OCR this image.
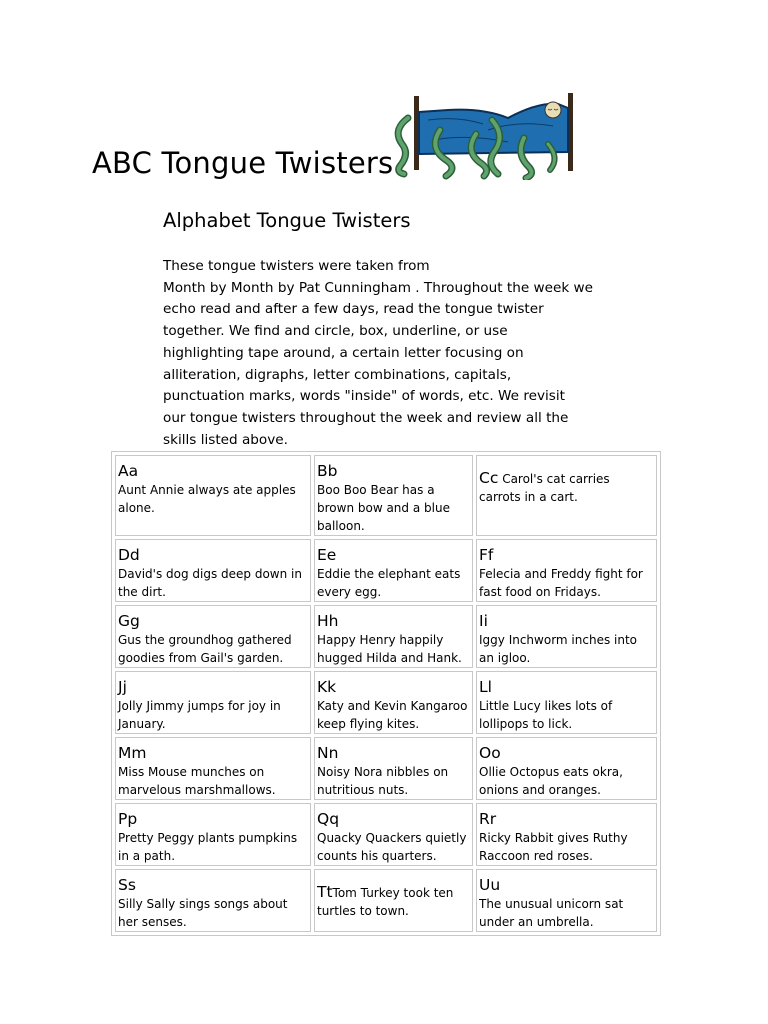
ABC Tongue Twisters
Alphabet Tongue Twisters

These tongue twisters were taken from
Month by Month by Pat Cunningham . Throughout the week we
echo read and after a few days, read the tongue twister
together. We find and circle, box, underline, or use
highlighting tape around, a certain letter focusing on
alliteration, digraphs, letter combinations, capitals,
punctuation marks, words "inside" of words, etc. We revisit
our tongue twisters throughout the week and review all the
skills listed above.

Aa
Aunt Annie always ate apples alone.	Bb
Boo Boo Bear has a brown bow and a blue balloon.	Cc Carol's cat carries carrots in a cart.

Dd
David's dog digs deep down in the dirt.	Ee
Eddie the elephant eats every egg.	Ff
Felecia and Freddy fight for fast food on Fridays.

Gg
Gus the groundhog gathered goodies from Gail's garden.	Hh
Happy Henry happily hugged Hilda and Hank.	Ii
Iggy Inchworm inches into an igloo.

Jj
Jolly Jimmy jumps for joy in January.	Kk
Katy and Kevin Kangaroo keep flying kites.	Ll
Little Lucy likes lots of lollipops to lick.

Mm
Miss Mouse munches on marvelous marshmallows.	Nn
Noisy Nora nibbles on nutritious nuts.	Oo
Ollie Octopus eats okra, onions and oranges.

Pp
Pretty Peggy plants pumpkins in a path.	Qq
Quacky Quackers quietly counts his quarters.	Rr
Ricky Rabbit gives Ruthy Raccoon red roses.

Ss
Silly Sally sings songs about her senses.	TtTom Turkey took ten turtles to town.	Uu
The unusual unicorn sat under an umbrella.
